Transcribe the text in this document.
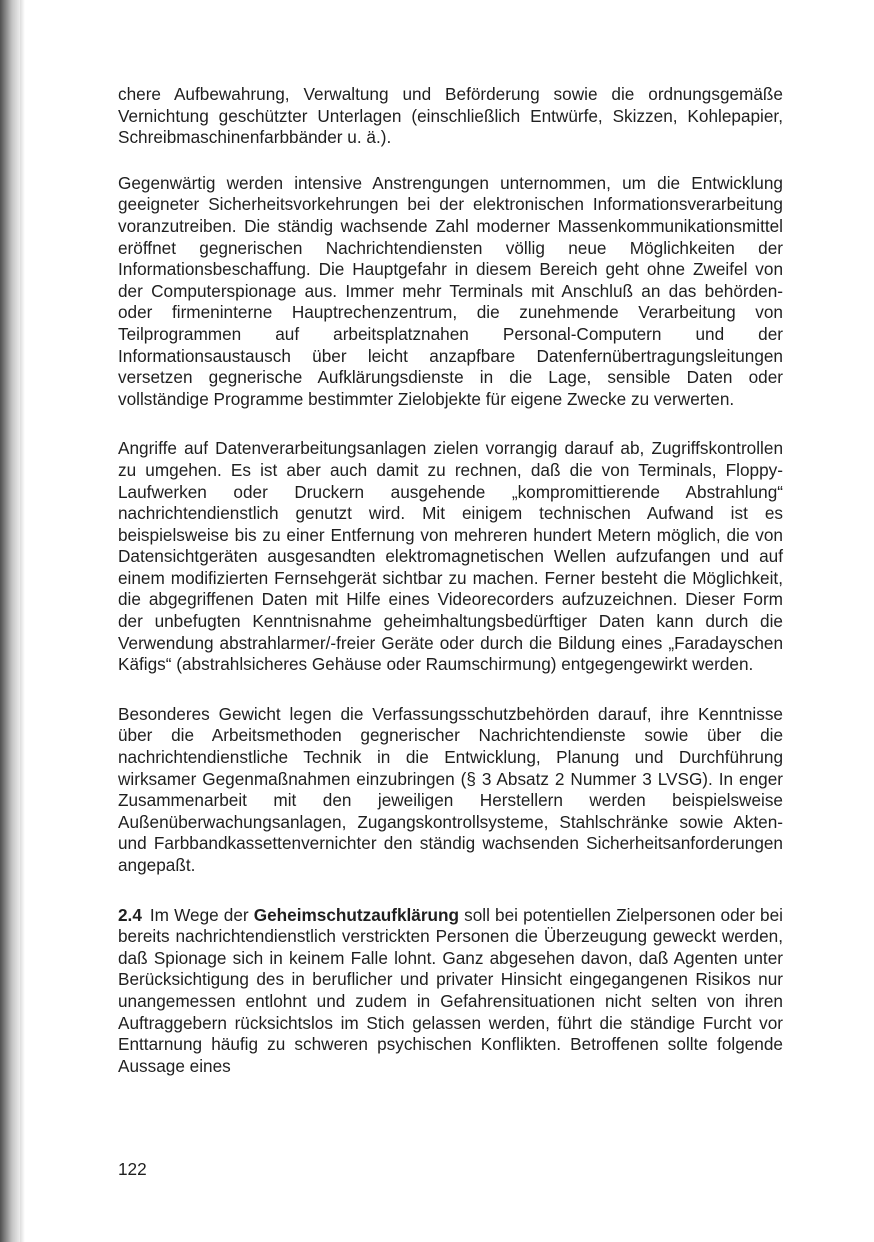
chere Aufbewahrung, Verwaltung und Beförderung sowie die ordnungsgemäße Vernichtung geschützter Unterlagen (einschließlich Entwürfe, Skizzen, Kohlepapier, Schreibmaschinenfarbbänder u. ä.).

Gegenwärtig werden intensive Anstrengungen unternommen, um die Entwicklung geeigneter Sicherheitsvorkehrungen bei der elektronischen Informationsverarbeitung voranzutreiben. Die ständig wachsende Zahl moderner Massenkommunikationsmittel eröffnet gegnerischen Nachrichtendiensten völlig neue Möglichkeiten der Informationsbeschaffung. Die Hauptgefahr in diesem Bereich geht ohne Zweifel von der Computerspionage aus. Immer mehr Terminals mit Anschluß an das behörden- oder firmeninterne Hauptrechenzentrum, die zunehmende Verarbeitung von Teilprogrammen auf arbeitsplatznahen Personal-Computern und der Informationsaustausch über leicht anzapfbare Datenfernübertragungsleitungen versetzen gegnerische Aufklärungsdienste in die Lage, sensible Daten oder vollständige Programme bestimmter Zielobjekte für eigene Zwecke zu verwerten.

Angriffe auf Datenverarbeitungsanlagen zielen vorrangig darauf ab, Zugriffskontrollen zu umgehen. Es ist aber auch damit zu rechnen, daß die von Terminals, Floppy-Laufwerken oder Druckern ausgehende „kompromittierende Abstrahlung“ nachrichtendienstlich genutzt wird. Mit einigem technischen Aufwand ist es beispielsweise bis zu einer Entfernung von mehreren hundert Metern möglich, die von Datensichtgeräten ausgesandten elektromagnetischen Wellen aufzufangen und auf einem modifizierten Fernsehgerät sichtbar zu machen. Ferner besteht die Möglichkeit, die abgegriffenen Daten mit Hilfe eines Videorecorders aufzuzeichnen. Dieser Form der unbefugten Kenntnisnahme geheimhaltungsbedürftiger Daten kann durch die Verwendung abstrahlarmer/-freier Geräte oder durch die Bildung eines „Faradayschen Käfigs“ (abstrahlsicheres Gehäuse oder Raumschirmung) entgegengewirkt werden.

Besonderes Gewicht legen die Verfassungsschutzbehörden darauf, ihre Kenntnisse über die Arbeitsmethoden gegnerischer Nachrichtendienste sowie über die nachrichtendienstliche Technik in die Entwicklung, Planung und Durchführung wirksamer Gegenmaßnahmen einzubringen (§ 3 Absatz 2 Nummer 3 LVSG). In enger Zusammenarbeit mit den jeweiligen Herstellern werden beispielsweise Außenüberwachungsanlagen, Zugangskontrollsysteme, Stahlschränke sowie Akten- und Farbbandkassettenvernichter den ständig wachsenden Sicherheitsanforderungen angepaßt.

2.4 Im Wege der Geheimschutzaufklärung soll bei potentiellen Zielpersonen oder bei bereits nachrichtendienstlich verstrickten Personen die Überzeugung geweckt werden, daß Spionage sich in keinem Falle lohnt. Ganz abgesehen davon, daß Agenten unter Berücksichtigung des in beruflicher und privater Hinsicht eingegangenen Risikos nur unangemessen entlohnt und zudem in Gefahrensituationen nicht selten von ihren Auftraggebern rücksichtslos im Stich gelassen werden, führt die ständige Furcht vor Enttarnung häufig zu schweren psychischen Konflikten. Betroffenen sollte folgende Aussage eines

122
